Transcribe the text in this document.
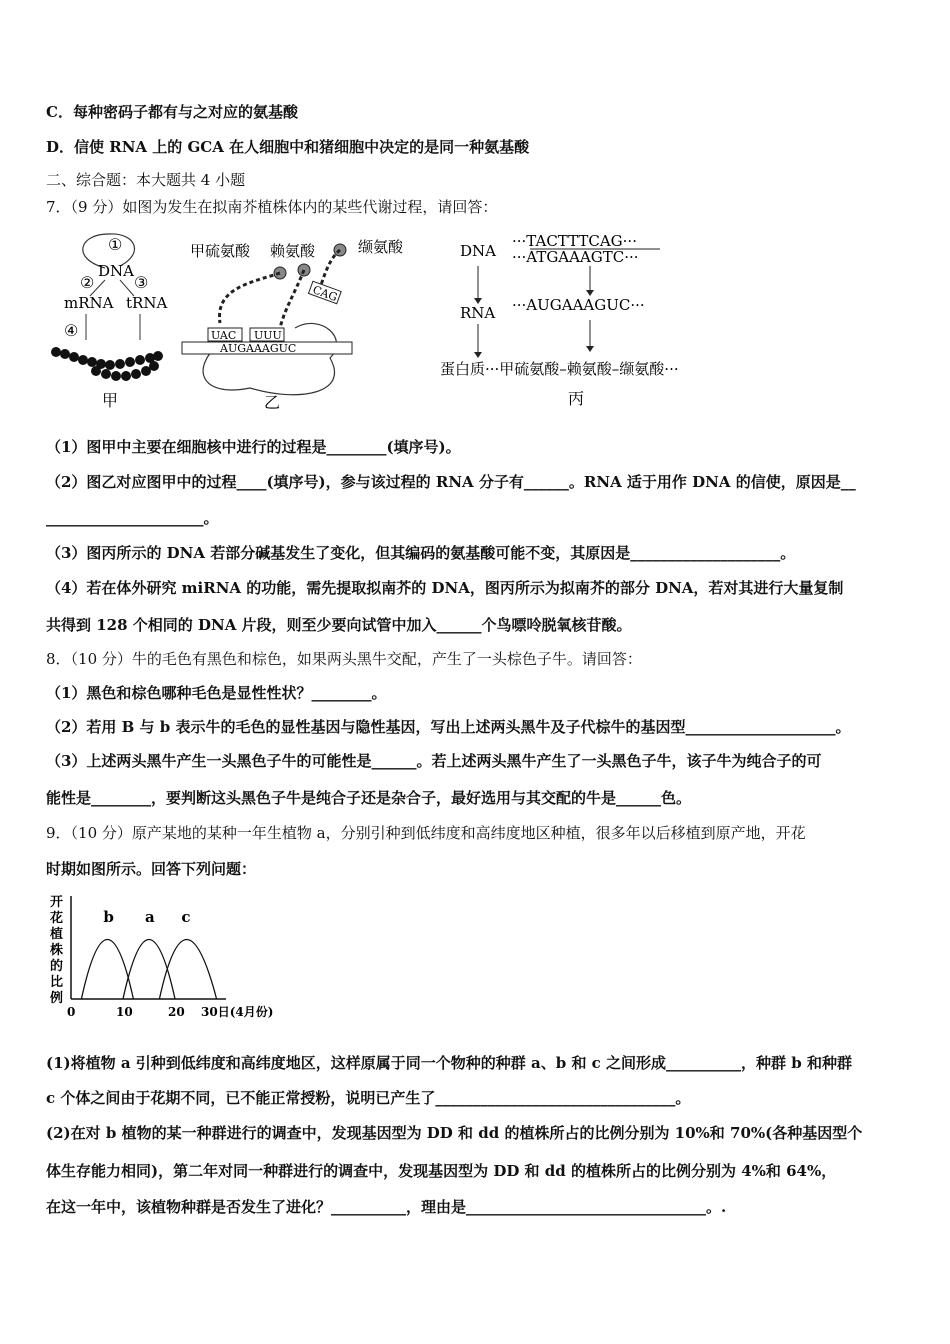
C．每种密码子都有与之对应的氨基酸
D．信使 RNA 上的 GCA 在人细胞中和猪细胞中决定的是同一种氨基酸
二、综合题：本大题共 4 小题
7．（9 分）如图为发生在拟南芥植株体内的某些代谢过程，请回答：
①
② ③
DNA
mRNA tRNA
④
甲
甲硫氨酸 赖氨酸	缬氨酸
AUGAAAGUC
UAC UUU
CAG
乙
DNA
···TACTTTCAG···
···ATGAAAGTC···
RNA ···AUGAAAGUC···
蛋白质···甲硫氨酸–赖氨酸–缬氨酸···
丙
（1）图甲中主要在细胞核中进行的过程是________(填序号)。
（2）图乙对应图甲中的过程____(填序号)，参与该过程的 RNA 分子有______。RNA 适于用作 DNA 的信使，原因是__
_____________________。
（3）图丙所示的 DNA 若部分碱基发生了变化，但其编码的氨基酸可能不变，其原因是____________________。
（4）若在体外研究 miRNA 的功能，需先提取拟南芥的 DNA，图丙所示为拟南芥的部分 DNA，若对其进行大量复制
共得到 128 个相同的 DNA 片段，则至少要向试管中加入______个鸟嘌呤脱氧核苷酸。
8．（10 分）牛的毛色有黑色和棕色，如果两头黑牛交配，产生了一头棕色子牛。请回答：
（1）黑色和棕色哪种毛色是显性性状？________。
（2）若用 B 与 b 表示牛的毛色的显性基因与隐性基因，写出上述两头黑牛及子代棕牛的基因型____________________。
（3）上述两头黑牛产生一头黑色子牛的可能性是______。若上述两头黑牛产生了一头黑色子牛，该子牛为纯合子的可
能性是________，要判断这头黑色子牛是纯合子还是杂合子，最好选用与其交配的牛是______色。
9．（10 分）原产某地的某种一年生植物 a，分别引种到低纬度和高纬度地区种植，很多年以后移植到原产地，开花
时期如图所示。回答下列问题：
开
花
植
株
的
比
例
b a c
0	10	20 30日(4月份)
(1)将植物 a 引种到低纬度和高纬度地区，这样原属于同一个物种的种群 a、b 和 c 之间形成__________，种群 b 和种群
c 个体之间由于花期不同，已不能正常授粉，说明已产生了________________________________。
(2)在对 b 植物的某一种群进行的调查中，发现基因型为 DD 和 dd 的植株所占的比例分别为 10%和 70%(各种基因型个
体生存能力相同)，第二年对同一种群进行的调查中，发现基因型为 DD 和 dd 的植株所占的比例分别为 4%和 64%，
在这一年中，该植物种群是否发生了进化？__________，理由是________________________________。.
